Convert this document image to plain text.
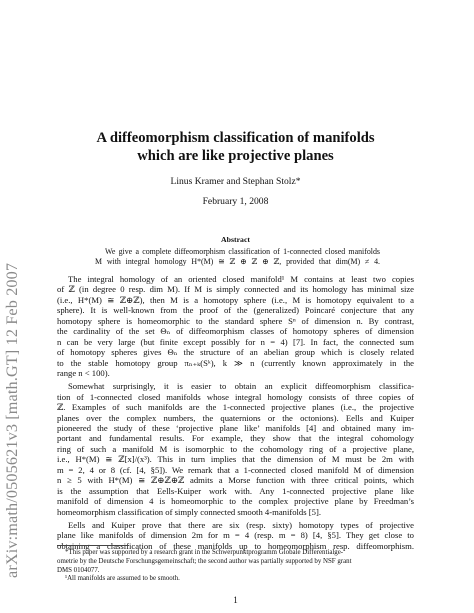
arXiv:math/0505621v3 [math.GT] 12 Feb 2007
A diffeomorphism classification of manifolds
which are like projective planes
Linus Kramer and Stephan Stolz*
February 1, 2008
Abstract
We give a complete diffeomorphism classification of 1-connected closed manifolds
M with integral homology H*(M) ≅ ℤ ⊕ ℤ ⊕ ℤ, provided that dim(M) ≠ 4.
The integral homology of an oriented closed manifold¹ M contains at least two copies
of ℤ (in degree 0 resp. dim M). If M is simply connected and its homology has minimal size
(i.e., H*(M) ≅ ℤ⊕ℤ), then M is a homotopy sphere (i.e., M is homotopy equivalent to a
sphere). It is well-known from the proof of the (generalized) Poincaré conjecture that any
homotopy sphere is homeomorphic to the standard sphere Sⁿ of dimension n. By contrast,
the cardinality of the set Θₙ of diffeomorphism classes of homotopy spheres of dimension
n can be very large (but finite except possibly for n = 4) [7]. In fact, the connected sum
of homotopy spheres gives Θₙ the structure of an abelian group which is closely related
to the stable homotopy group πₙ₊ₖ(Sᵏ), k ≫ n (currently known approximately in the
range n < 100).
Somewhat surprisingly, it is easier to obtain an explicit diffeomorphism classifica-
tion of 1-connected closed manifolds whose integral homology consists of three copies of
ℤ. Examples of such manifolds are the 1-connected projective planes (i.e., the projective
planes over the complex numbers, the quaternions or the octonions). Eells and Kuiper
pioneered the study of these ‘projective plane like’ manifolds [4] and obtained many im-
portant and fundamental results. For example, they show that the integral cohomology
ring of such a manifold M is isomorphic to the cohomology ring of a projective plane,
i.e., H*(M) ≅ ℤ[x]/(x³). This in turn implies that the dimension of M must be 2m with
m = 2, 4 or 8 (cf. [4, §5]). We remark that a 1-connected closed manifold M of dimension
n ≥ 5 with H*(M) ≅ ℤ⊕ℤ⊕ℤ admits a Morse function with three critical points, which
is the assumption that Eells-Kuiper work with. Any 1-connected projective plane like
manifold of dimension 4 is homeomorphic to the complex projective plane by Freedman’s
homeomorphism classification of simply connected smooth 4-manifolds [5].
Eells and Kuiper prove that there are six (resp. sixty) homotopy types of projective
plane like manifolds of dimension 2m for m = 4 (resp. m = 8) [4, §5]. They get close to
obtaining a classification of these manifolds up to homeomorphism resp. diffeomorphism.
*This paper was supported by a research grant in the Schwerpunktprogramm Globale Differentialge-
ometrie by the Deutsche Forschungsgemeinschaft; the second author was partially supported by NSF grant
DMS 0104077.
¹All manifolds are assumed to be smooth.
1
